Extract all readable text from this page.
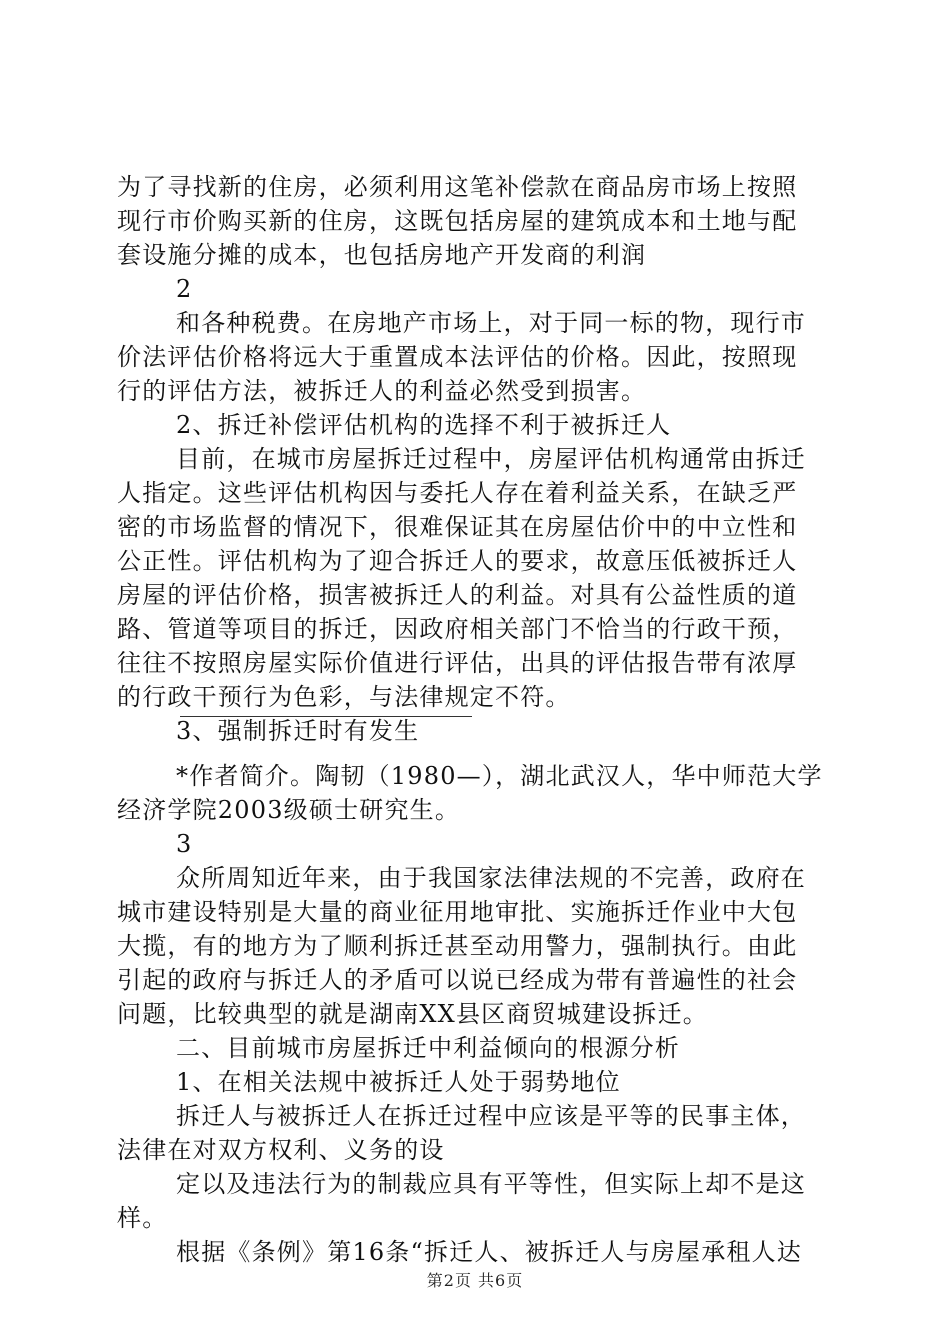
为了寻找新的住房，必须利用这笔补偿款在商品房市场上按照
现行市价购买新的住房，这既包括房屋的建筑成本和土地与配
套设施分摊的成本，也包括房地产开发商的利润
2
和各种税费。在房地产市场上，对于同一标的物，现行市
价法评估价格将远大于重置成本法评估的价格。因此，按照现
行的评估方法，被拆迁人的利益必然受到损害。
2、拆迁补偿评估机构的选择不利于被拆迁人
目前，在城市房屋拆迁过程中，房屋评估机构通常由拆迁
人指定。这些评估机构因与委托人存在着利益关系，在缺乏严
密的市场监督的情况下，很难保证其在房屋估价中的中立性和
公正性。评估机构为了迎合拆迁人的要求，故意压低被拆迁人
房屋的评估价格，损害被拆迁人的利益。对具有公益性质的道
路、管道等项目的拆迁，因政府相关部门不恰当的行政干预，
往往不按照房屋实际价值进行评估，出具的评估报告带有浓厚
的行政干预行为色彩，与法律规定不符。
3、强制拆迁时有发生
*作者简介。陶韧（1980—），湖北武汉人，华中师范大学
经济学院2003级硕士研究生。
3
众所周知近年来，由于我国家法律法规的不完善，政府在
城市建设特别是大量的商业征用地审批、实施拆迁作业中大包
大揽，有的地方为了顺利拆迁甚至动用警力，强制执行。由此
引起的政府与拆迁人的矛盾可以说已经成为带有普遍性的社会
问题，比较典型的就是湖南XX县区商贸城建设拆迁。
二、目前城市房屋拆迁中利益倾向的根源分析
1、在相关法规中被拆迁人处于弱势地位
拆迁人与被拆迁人在拆迁过程中应该是平等的民事主体，
法律在对双方权利、义务的设
定以及违法行为的制裁应具有平等性，但实际上却不是这
样。
根据《条例》第16条“拆迁人、被拆迁人与房屋承租人达
第2页 共6页
